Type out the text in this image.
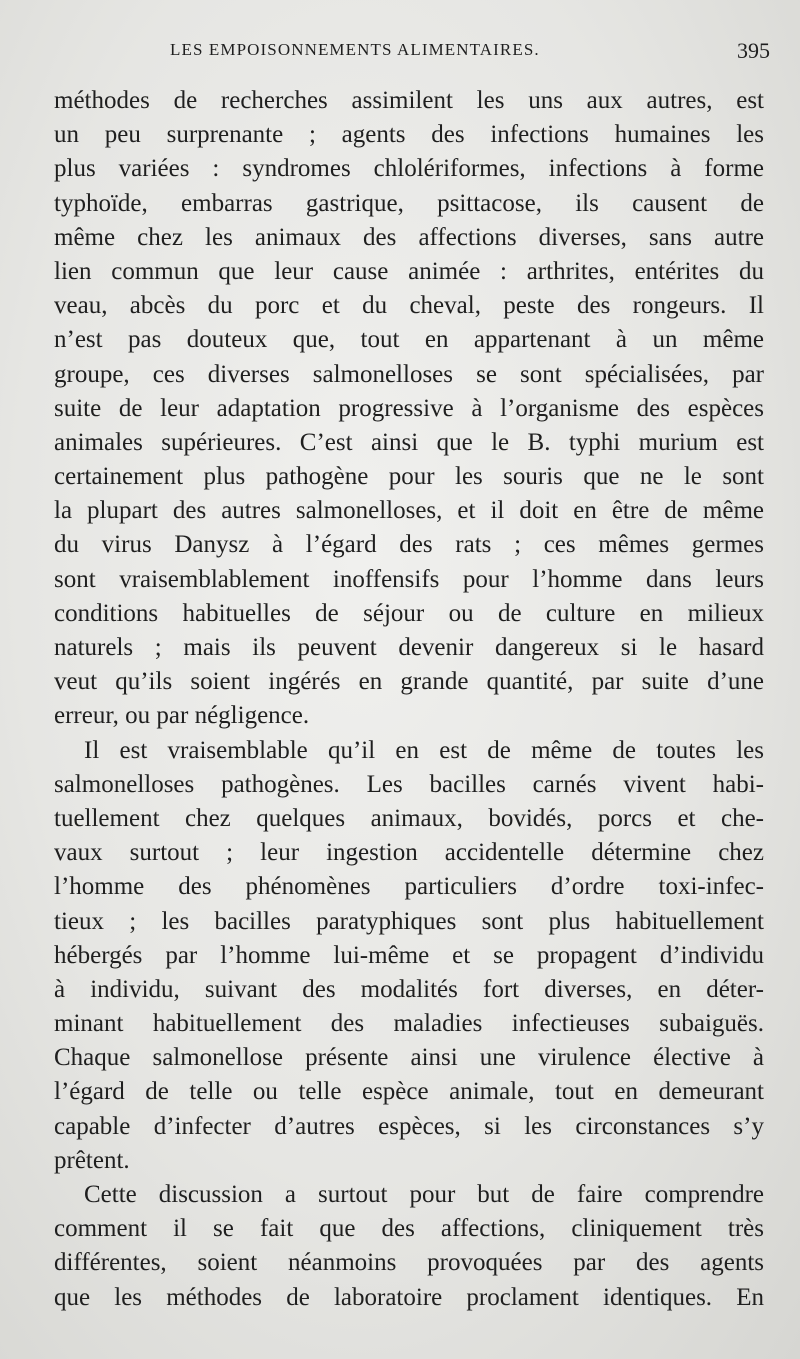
LES EMPOISONNEMENTS ALIMENTAIRES.	395
méthodes de recherches assimilent les uns aux autres, est
un peu surprenante ; agents des infections humaines les
plus variées : syndromes chlolériformes, infections à forme
typhoïde, embarras gastrique, psittacose, ils causent de
même chez les animaux des affections diverses, sans autre
lien commun que leur cause animée : arthrites, entérites du
veau, abcès du porc et du cheval, peste des rongeurs. Il
n’est pas douteux que, tout en appartenant à un même
groupe, ces diverses salmonelloses se sont spécialisées, par
suite de leur adaptation progressive à l’organisme des espèces
animales supérieures. C’est ainsi que le B. typhi murium est
certainement plus pathogène pour les souris que ne le sont
la plupart des autres salmonelloses, et il doit en être de même
du virus Danysz à l’égard des rats ; ces mêmes germes
sont vraisemblablement inoffensifs pour l’homme dans leurs
conditions habituelles de séjour ou de culture en milieux
naturels ; mais ils peuvent devenir dangereux si le hasard
veut qu’ils soient ingérés en grande quantité, par suite d’une
erreur, ou par négligence.
Il est vraisemblable qu’il en est de même de toutes les
salmonelloses pathogènes. Les bacilles carnés vivent habi-
tuellement chez quelques animaux, bovidés, porcs et che-
vaux surtout ; leur ingestion accidentelle détermine chez
l’homme des phénomènes particuliers d’ordre toxi-infec-
tieux ; les bacilles paratyphiques sont plus habituellement
hébergés par l’homme lui-même et se propagent d’individu
à individu, suivant des modalités fort diverses, en déter-
minant habituellement des maladies infectieuses subaiguës.
Chaque salmonellose présente ainsi une virulence élective à
l’égard de telle ou telle espèce animale, tout en demeurant
capable d’infecter d’autres espèces, si les circonstances s’y
prêtent.
Cette discussion a surtout pour but de faire comprendre
comment il se fait que des affections, cliniquement très
différentes, soient néanmoins provoquées par des agents
que les méthodes de laboratoire proclament identiques. En
